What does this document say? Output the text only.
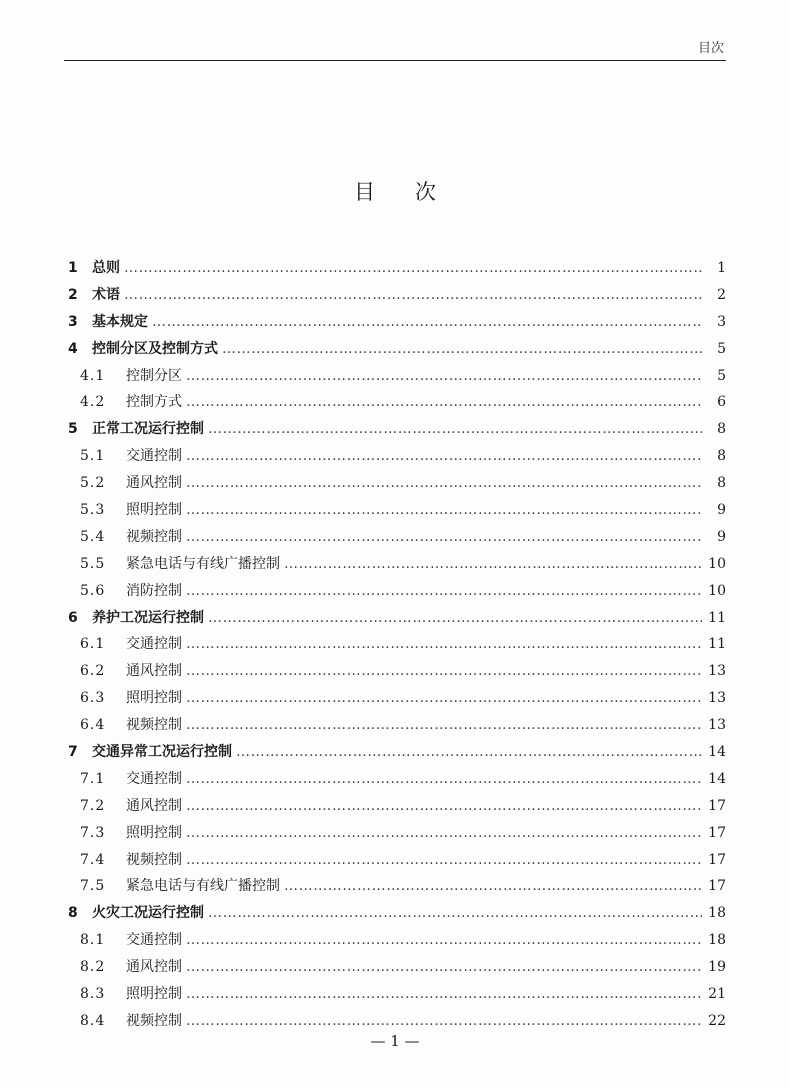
目次
目次
1	总则 …………………………………………………………………………………………………………………………………………………………………………………………………………………………	1
2	术语 …………………………………………………………………………………………………………………………………………………………………………………………………………………………	2
3	基本规定 …………………………………………………………………………………………………………………………………………………………………………………………………………………………	3
4	控制分区及控制方式 …………………………………………………………………………………………………………………………………………………………………………………………………………………………	5
4.1	控制分区 …………………………………………………………………………………………………………………………………………………………………………………………………………………………	5
4.2	控制方式 …………………………………………………………………………………………………………………………………………………………………………………………………………………………	6
5	正常工况运行控制 …………………………………………………………………………………………………………………………………………………………………………………………………………………………	8
5.1	交通控制 …………………………………………………………………………………………………………………………………………………………………………………………………………………………	8
5.2	通风控制 …………………………………………………………………………………………………………………………………………………………………………………………………………………………	8
5.3	照明控制 …………………………………………………………………………………………………………………………………………………………………………………………………………………………	9
5.4	视频控制 …………………………………………………………………………………………………………………………………………………………………………………………………………………………	9
5.5	紧急电话与有线广播控制 …………………………………………………………………………………………………………………………………………………………………………………………………………………………	10
5.6	消防控制 …………………………………………………………………………………………………………………………………………………………………………………………………………………………	10
6	养护工况运行控制 …………………………………………………………………………………………………………………………………………………………………………………………………………………………	11
6.1	交通控制 …………………………………………………………………………………………………………………………………………………………………………………………………………………………	11
6.2	通风控制 …………………………………………………………………………………………………………………………………………………………………………………………………………………………	13
6.3	照明控制 …………………………………………………………………………………………………………………………………………………………………………………………………………………………	13
6.4	视频控制 …………………………………………………………………………………………………………………………………………………………………………………………………………………………	13
7	交通异常工况运行控制 …………………………………………………………………………………………………………………………………………………………………………………………………………………………	14
7.1	交通控制 …………………………………………………………………………………………………………………………………………………………………………………………………………………………	14
7.2	通风控制 …………………………………………………………………………………………………………………………………………………………………………………………………………………………	17
7.3	照明控制 …………………………………………………………………………………………………………………………………………………………………………………………………………………………	17
7.4	视频控制 …………………………………………………………………………………………………………………………………………………………………………………………………………………………	17
7.5	紧急电话与有线广播控制 …………………………………………………………………………………………………………………………………………………………………………………………………………………………	17
8	火灾工况运行控制 …………………………………………………………………………………………………………………………………………………………………………………………………………………………	18
8.1	交通控制 …………………………………………………………………………………………………………………………………………………………………………………………………………………………	18
8.2	通风控制 …………………………………………………………………………………………………………………………………………………………………………………………………………………………	19
8.3	照明控制 …………………………………………………………………………………………………………………………………………………………………………………………………………………………	21
8.4	视频控制 …………………………………………………………………………………………………………………………………………………………………………………………………………………………	22
— 1 —
